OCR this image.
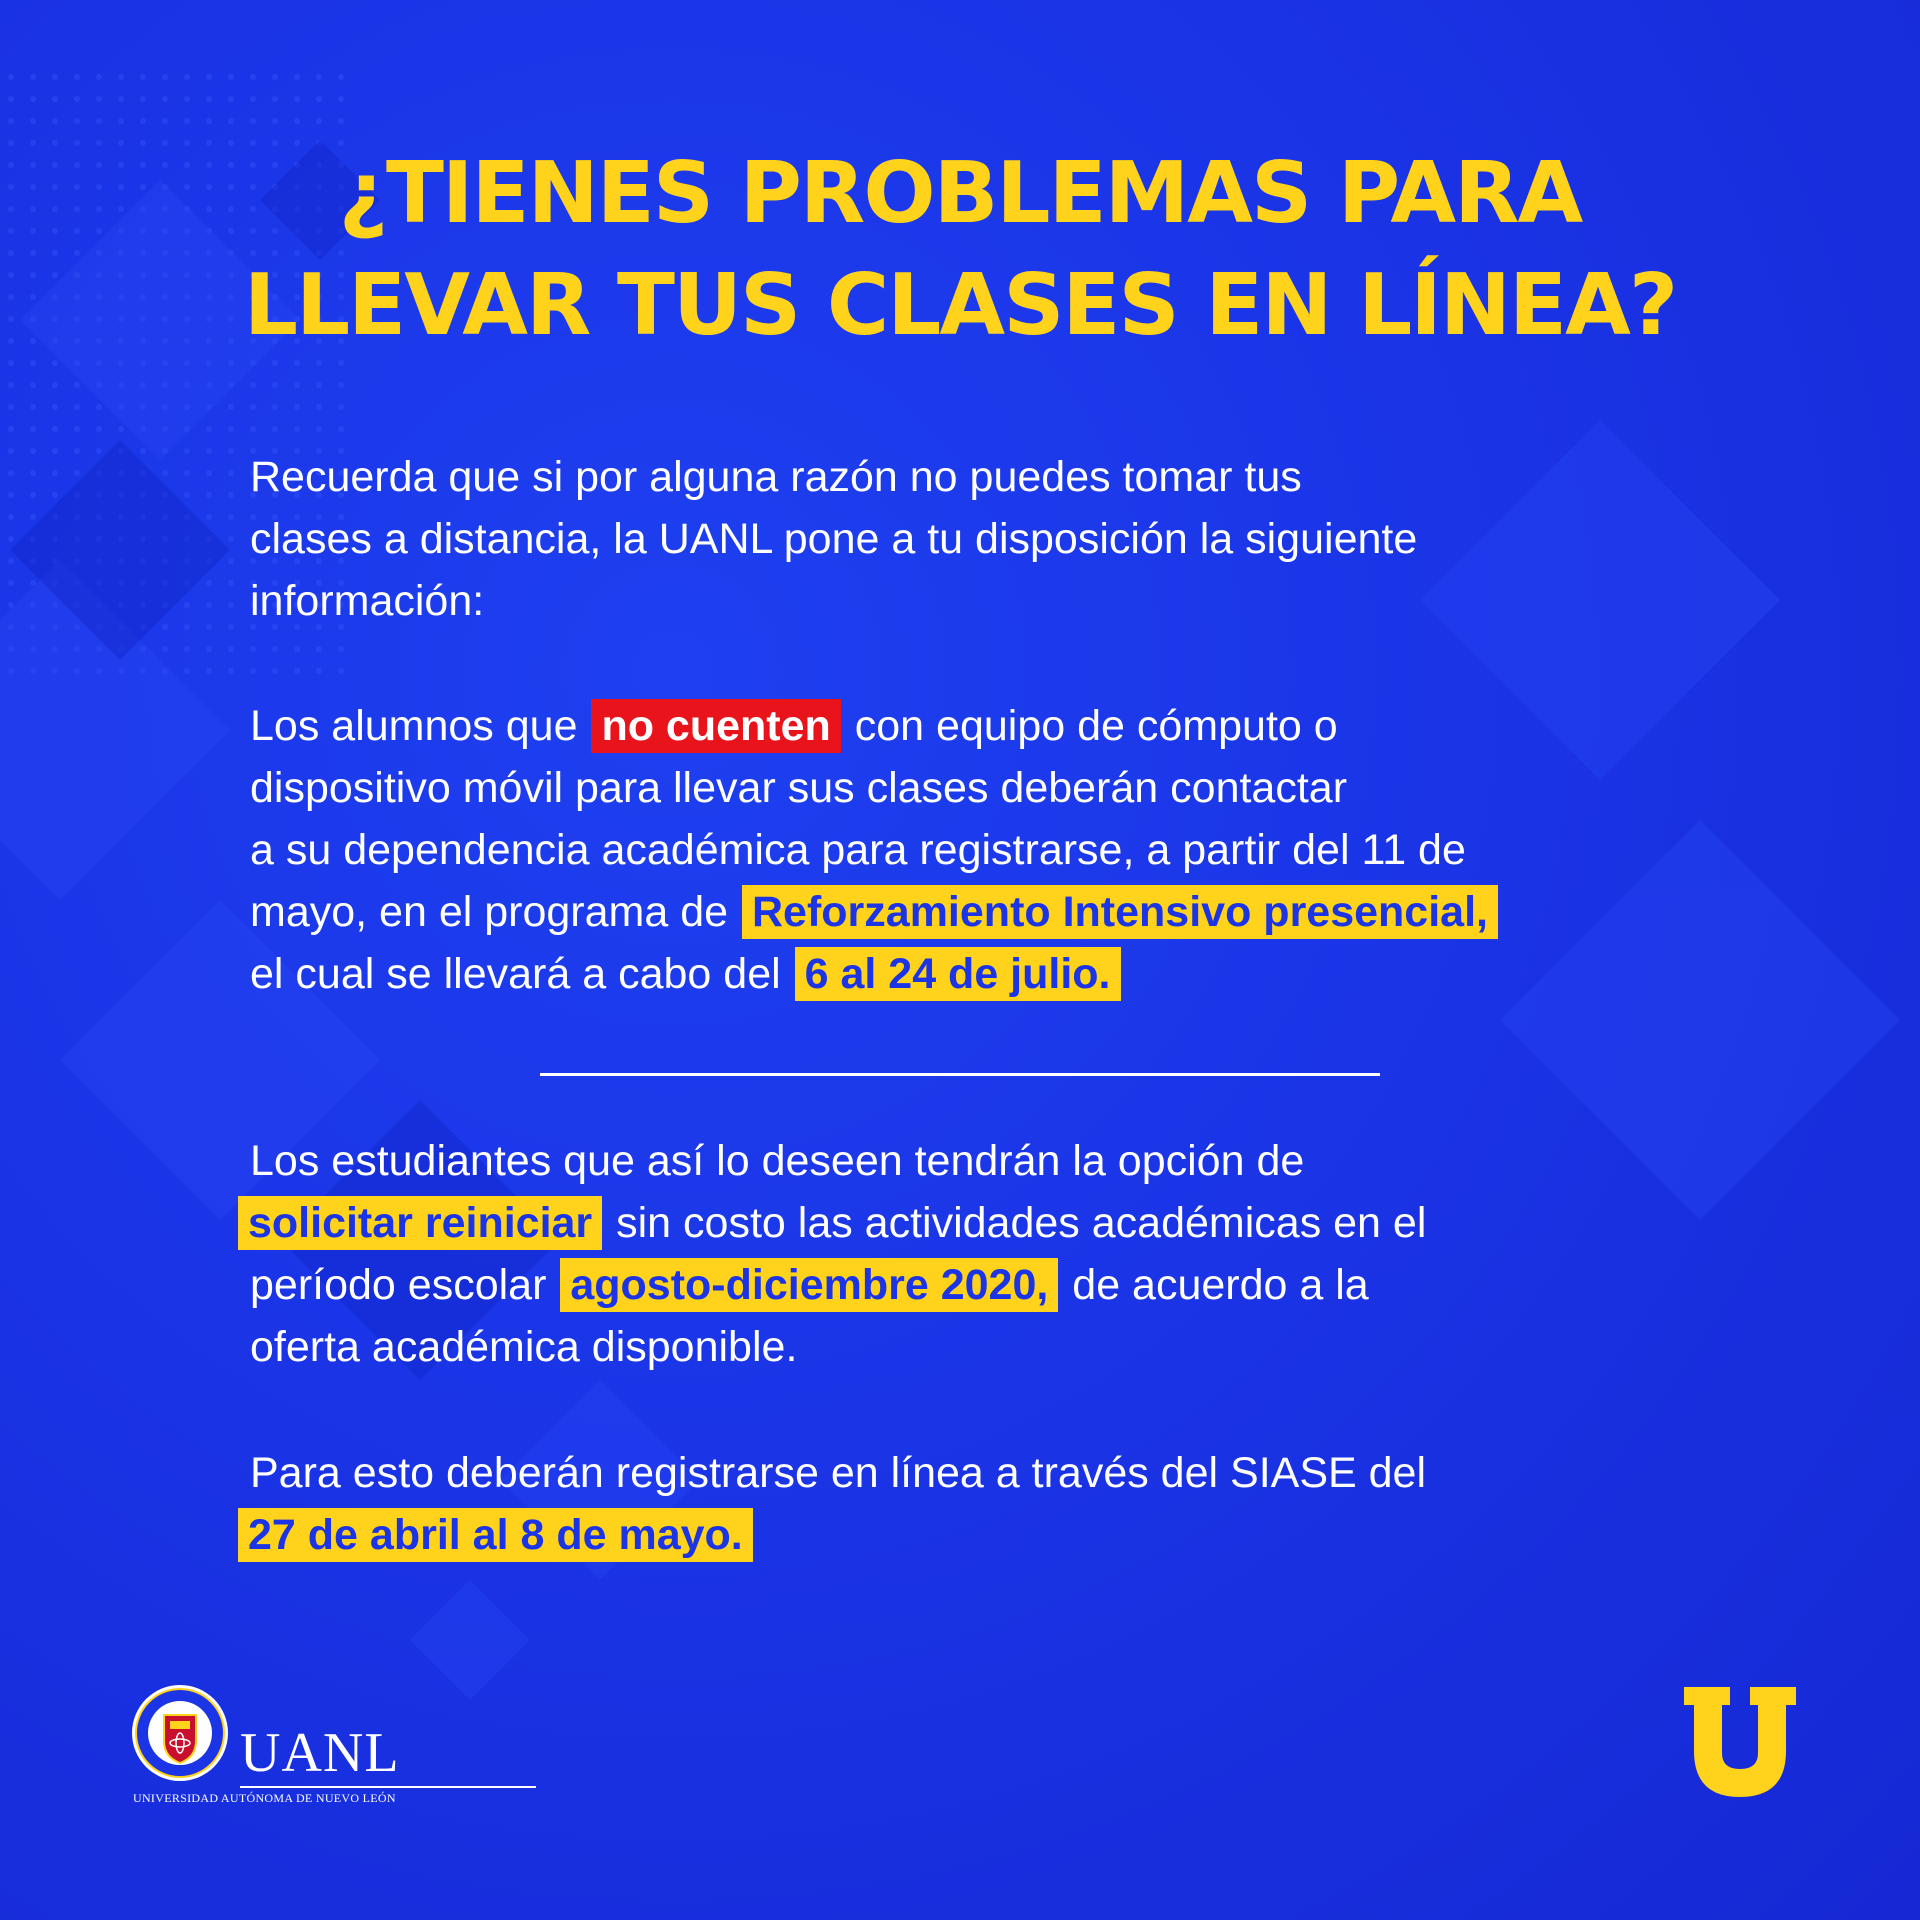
¿TIENES PROBLEMAS PARA
LLEVAR TUS CLASES EN LÍNEA?
Recuerda que si por alguna razón no puedes tomar tus
clases a distancia, la UANL pone a tu disposición la siguiente
información:
Los alumnos que no cuenten con equipo de cómputo o
dispositivo móvil para llevar sus clases deberán contactar
a su dependencia académica para registrarse, a partir del 11 de
mayo, en el programa de Reforzamiento Intensivo presencial,
el cual se llevará a cabo del 6 al 24 de julio.
Los estudiantes que así lo deseen tendrán la opción de
solicitar reiniciar sin costo las actividades académicas en el
período escolar agosto-diciembre 2020, de acuerdo a la
oferta académica disponible.
Para esto deberán registrarse en línea a través del SIASE del
27 de abril al 8 de mayo.
UANL
UNIVERSIDAD AUTÓNOMA DE NUEVO LEÓN
